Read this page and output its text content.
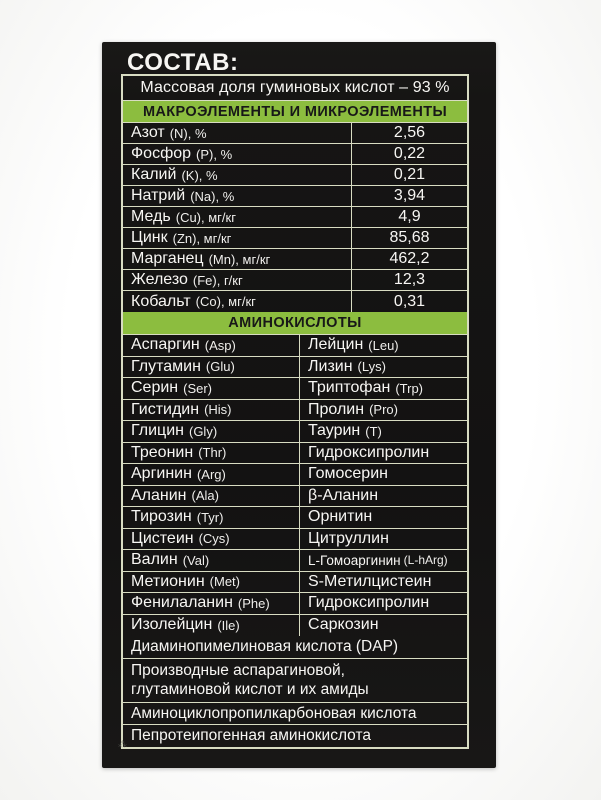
СОСТАВ:
Массовая доля гуминовых кислот – 93 %
МАКРОЭЛЕМЕНТЫ И МИКРОЭЛЕМЕНТЫ
Азот (N), %	2,56
Фосфор (P), %	0,22
Калий (K), %	0,21
Натрий (Na), %	3,94
Медь (Cu), мг/кг	4,9
Цинк (Zn), мг/кг	85,68
Марганец (Mn), мг/кг	462,2
Железо (Fe), г/кг	12,3
Кобальт (Co), мг/кг	0,31
АМИНОКИСЛОТЫ
Аспаргин (Asp)	Лейцин (Leu)
Глутамин (Glu)	Лизин (Lys)
Серин (Ser)	Триптофан (Trp)
Гистидин (His)	Пролин (Pro)
Глицин (Gly)	Таурин (T)
Треонин (Thr)	Гидроксипролин
Аргинин (Arg)	Гомосерин
Аланин (Ala)	β-Аланин
Тирозин (Tyr)	Орнитин
Цистеин (Cys)	Цитруллин
Валин (Val)	L-Гомоаргинин (L-hArg)
Метионин (Met)	S-Метилцистеин
Фенилаланин (Phe) Гидроксипролин
Изолейцин (Ile)	Саркозин
Диаминопимелиновая кислота (DAP)
Производные аспарагиновой,
глутаминовой кислот и их амиды
Аминоциклопропилкарбоновая кислота
Пепротеипогенная аминокислота
⁂
